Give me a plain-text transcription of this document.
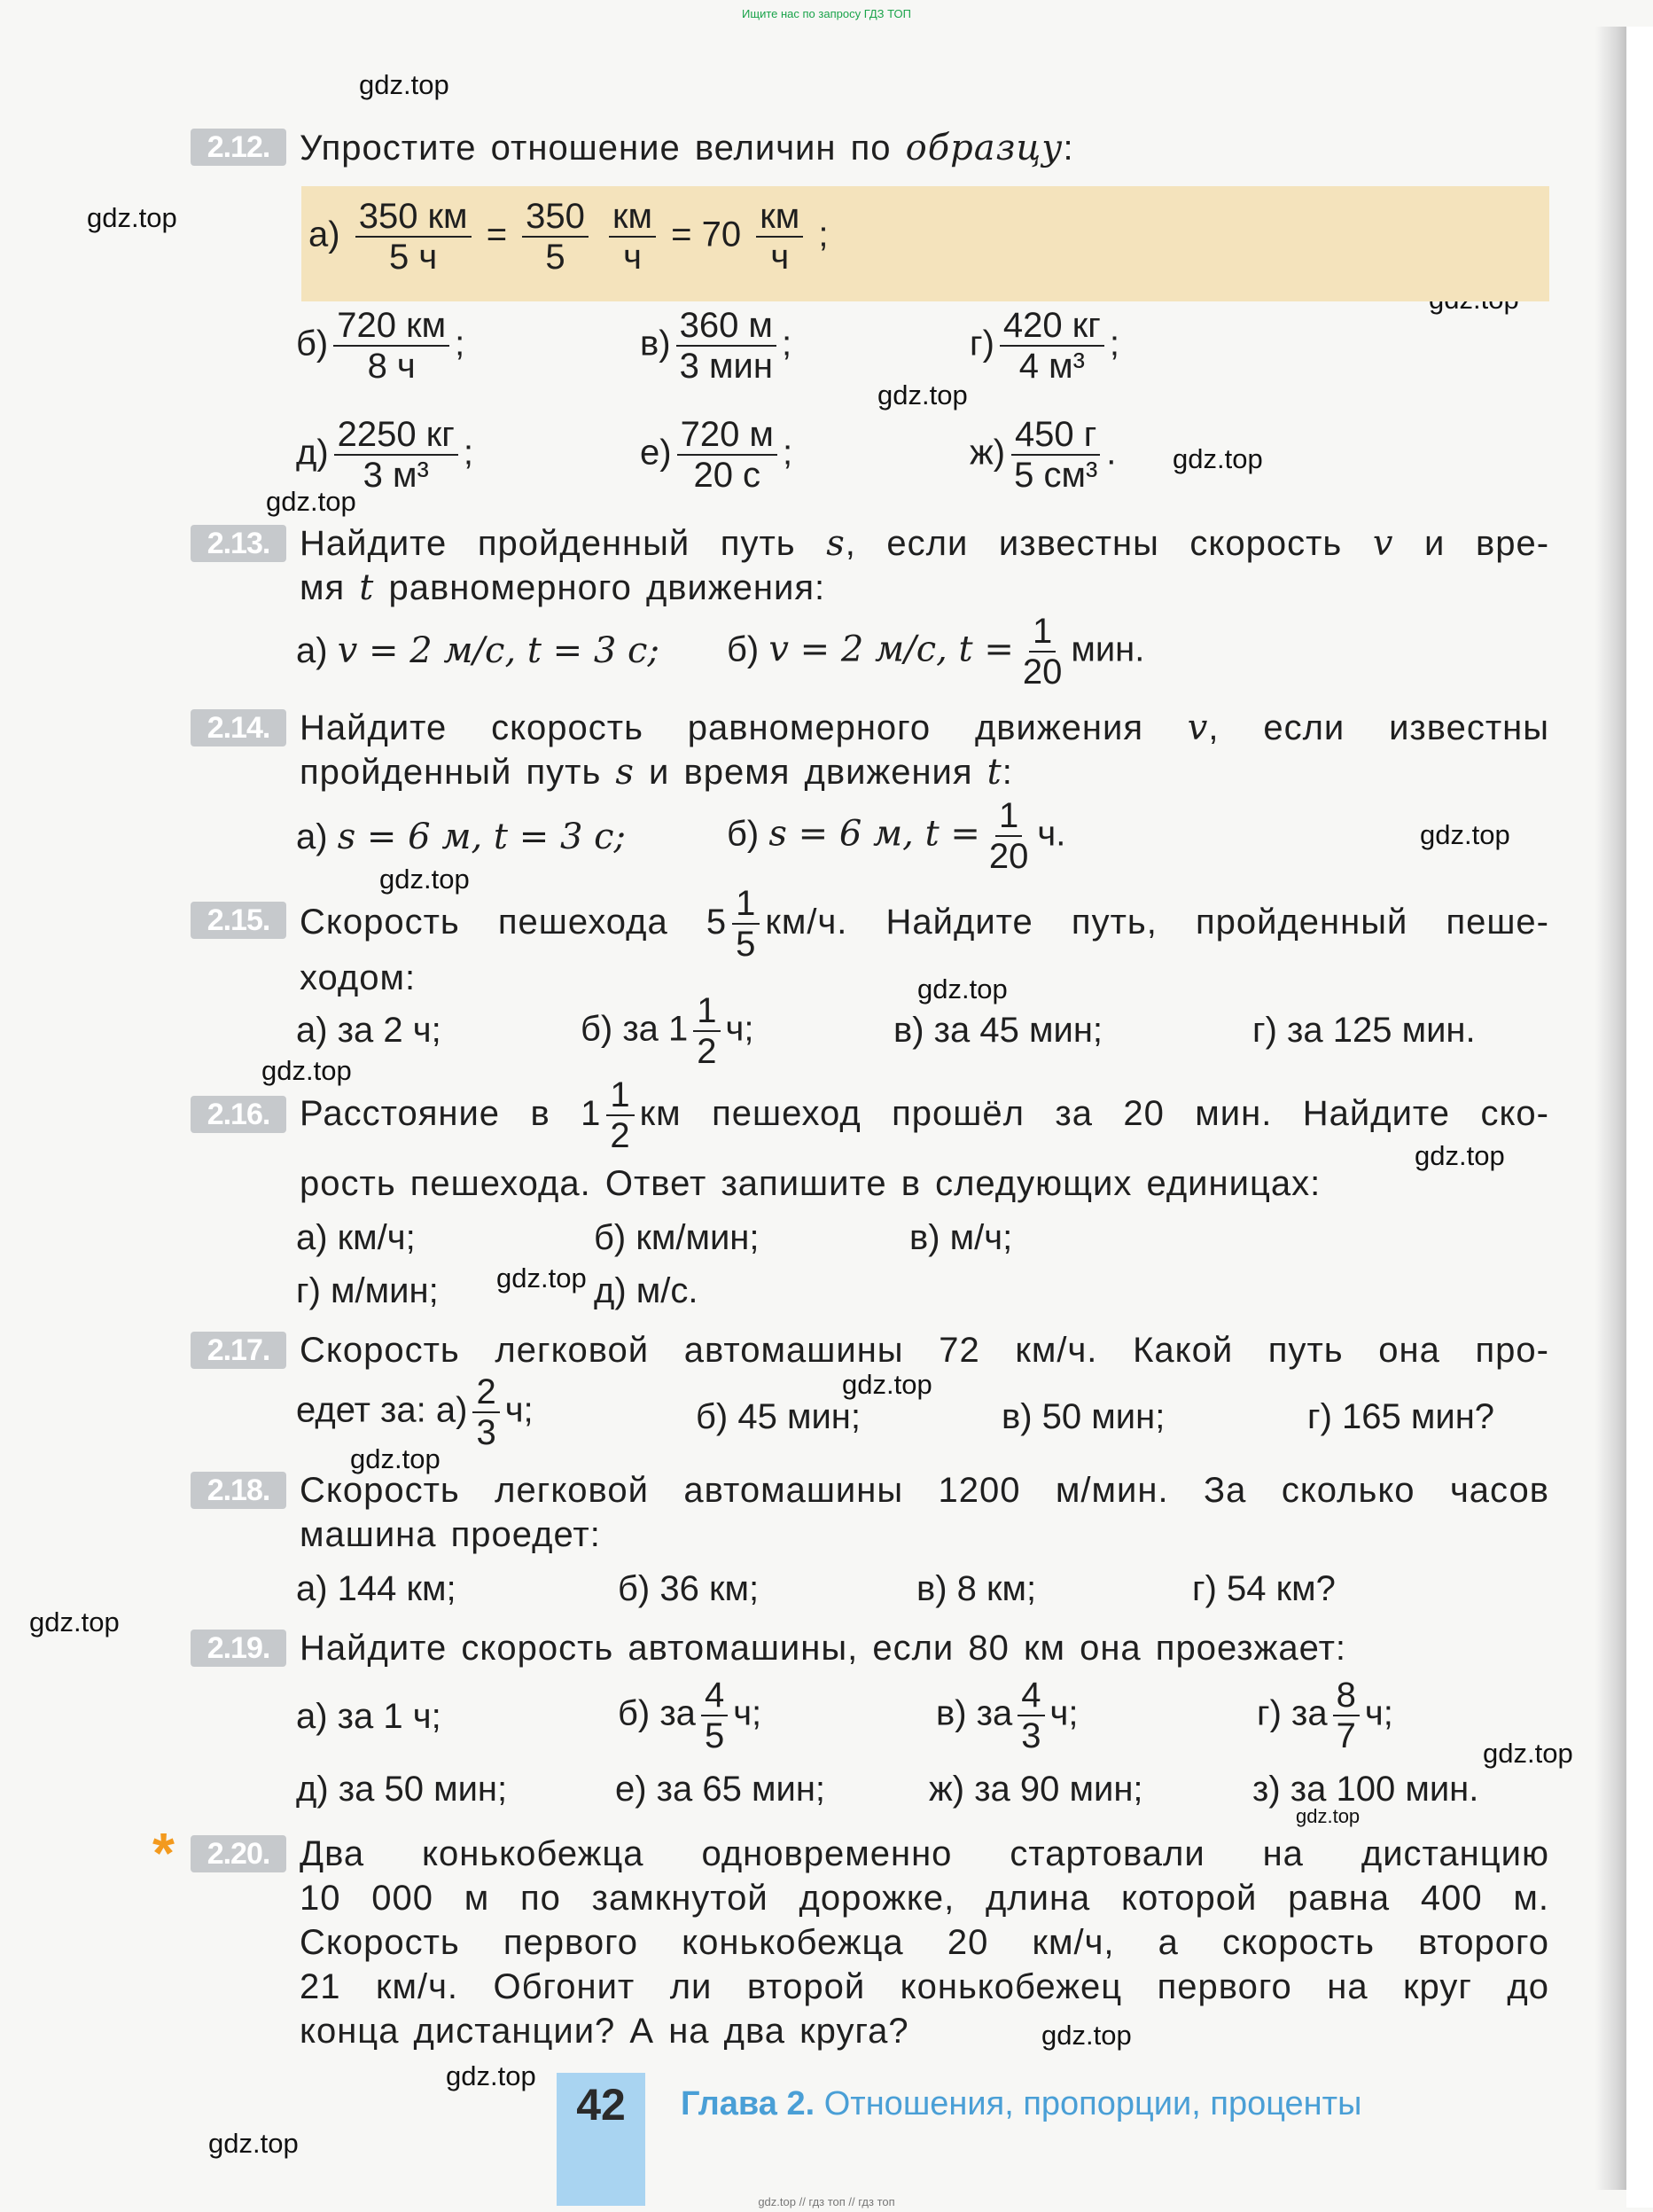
Ищите нас по запросу ГДЗ ТОП
gdz.top // гдз топ // гдз топ
gdz.top
gdz.top
gdz.top
gdz.top
gdz.top
gdz.top
gdz.top
gdz.top
gdz.top
gdz.top
gdz.top
gdz.top
gdz.top
gdz.top
gdz.top
gdz.top
gdz.top
gdz.top
gdz.top
2.12. Упростите отношение величин по образцу:
$а) \frac{350 км}{5 ч} = \frac{350}{5}$
$\frac{км}{ч} = 70 \frac{км}{ч}$ ;
$б) \frac{720 км}{8 ч}$ ;	$в) \frac{360 м}{\text{3 мин}}$ ;	$г) \frac{420 кг}{\text{4 м³}}$ ;
$д) \frac{2250 кг}{\text{3 м³}}$ ;	$е) \frac{720 м}{20 с}$ ;	$ж) \frac{450 г}{\text{5 см³}}$ .
2.13. Найдите пройденный путь s, если известны скорость v и вре-
мя t равномерного движения:
а) v = 2 м/с, t = 3 с; б) v = 2 м/с, $t = \frac{1}{20}$ мин.
2.14. Найдите скорость равномерного движения v, если известны
пройденный путь s и время движения t:
а) s = 6 м, t = 3 с;	б) s = 6 м, $t = \frac{1}{20} ч$.
2.15. Скорость пешехода $5 \frac{1}{5} км/ч$. Найдите путь, пройденный пеше-
ходом:
а) за 2 ч;	б) за $1 \frac{1}{2} ч$;	в) за 45 мин;	г) за 125 мин.
2.16. Расстояние в $1 \frac{1}{2}$ км пешеход прошёл за 20 мин. Найдите ско-
рость пешехода. Ответ запишите в следующих единицах:
а) км/ч;	б) км/мин;	в) м/ч;
г) м/мин;	д) м/с.
2.17. Скорость легковой автомашины 72 км/ч. Какой путь она про-
едет за: $а) \frac{2}{3} ч$;	б) 45 мин;	в) 50 мин;	г) 165 мин?
2.18. Скорость легковой автомашины 1200 м/мин. За сколько часов
машина проедет:
а) 144 км;	б) 36 км;	в) 8 км;	г) 54 км?
2.19. Найдите скорость автомашины, если 80 км она проезжает:
а) за 1 ч;	б) за $\frac{4}{5} ч$;	в) за $\frac{4}{3} ч$;	г) за $\frac{8}{7} ч$;
д) за 50 мин;	е) за 65 мин;	ж) за 90 мин;	з) за 100 мин.
*	2.20. Два конькобежца одновременно стартовали на дистанцию
10 000 м по замкнутой дорожке, длина которой равна 400 м.
Скорость первого конькобежца 20 км/ч, а скорость второго
21 км/ч. Обгонит ли второй конькобежец первого на круг до
конца дистанции? А на два круга?
42	Глава 2. Отношения, пропорции, проценты
